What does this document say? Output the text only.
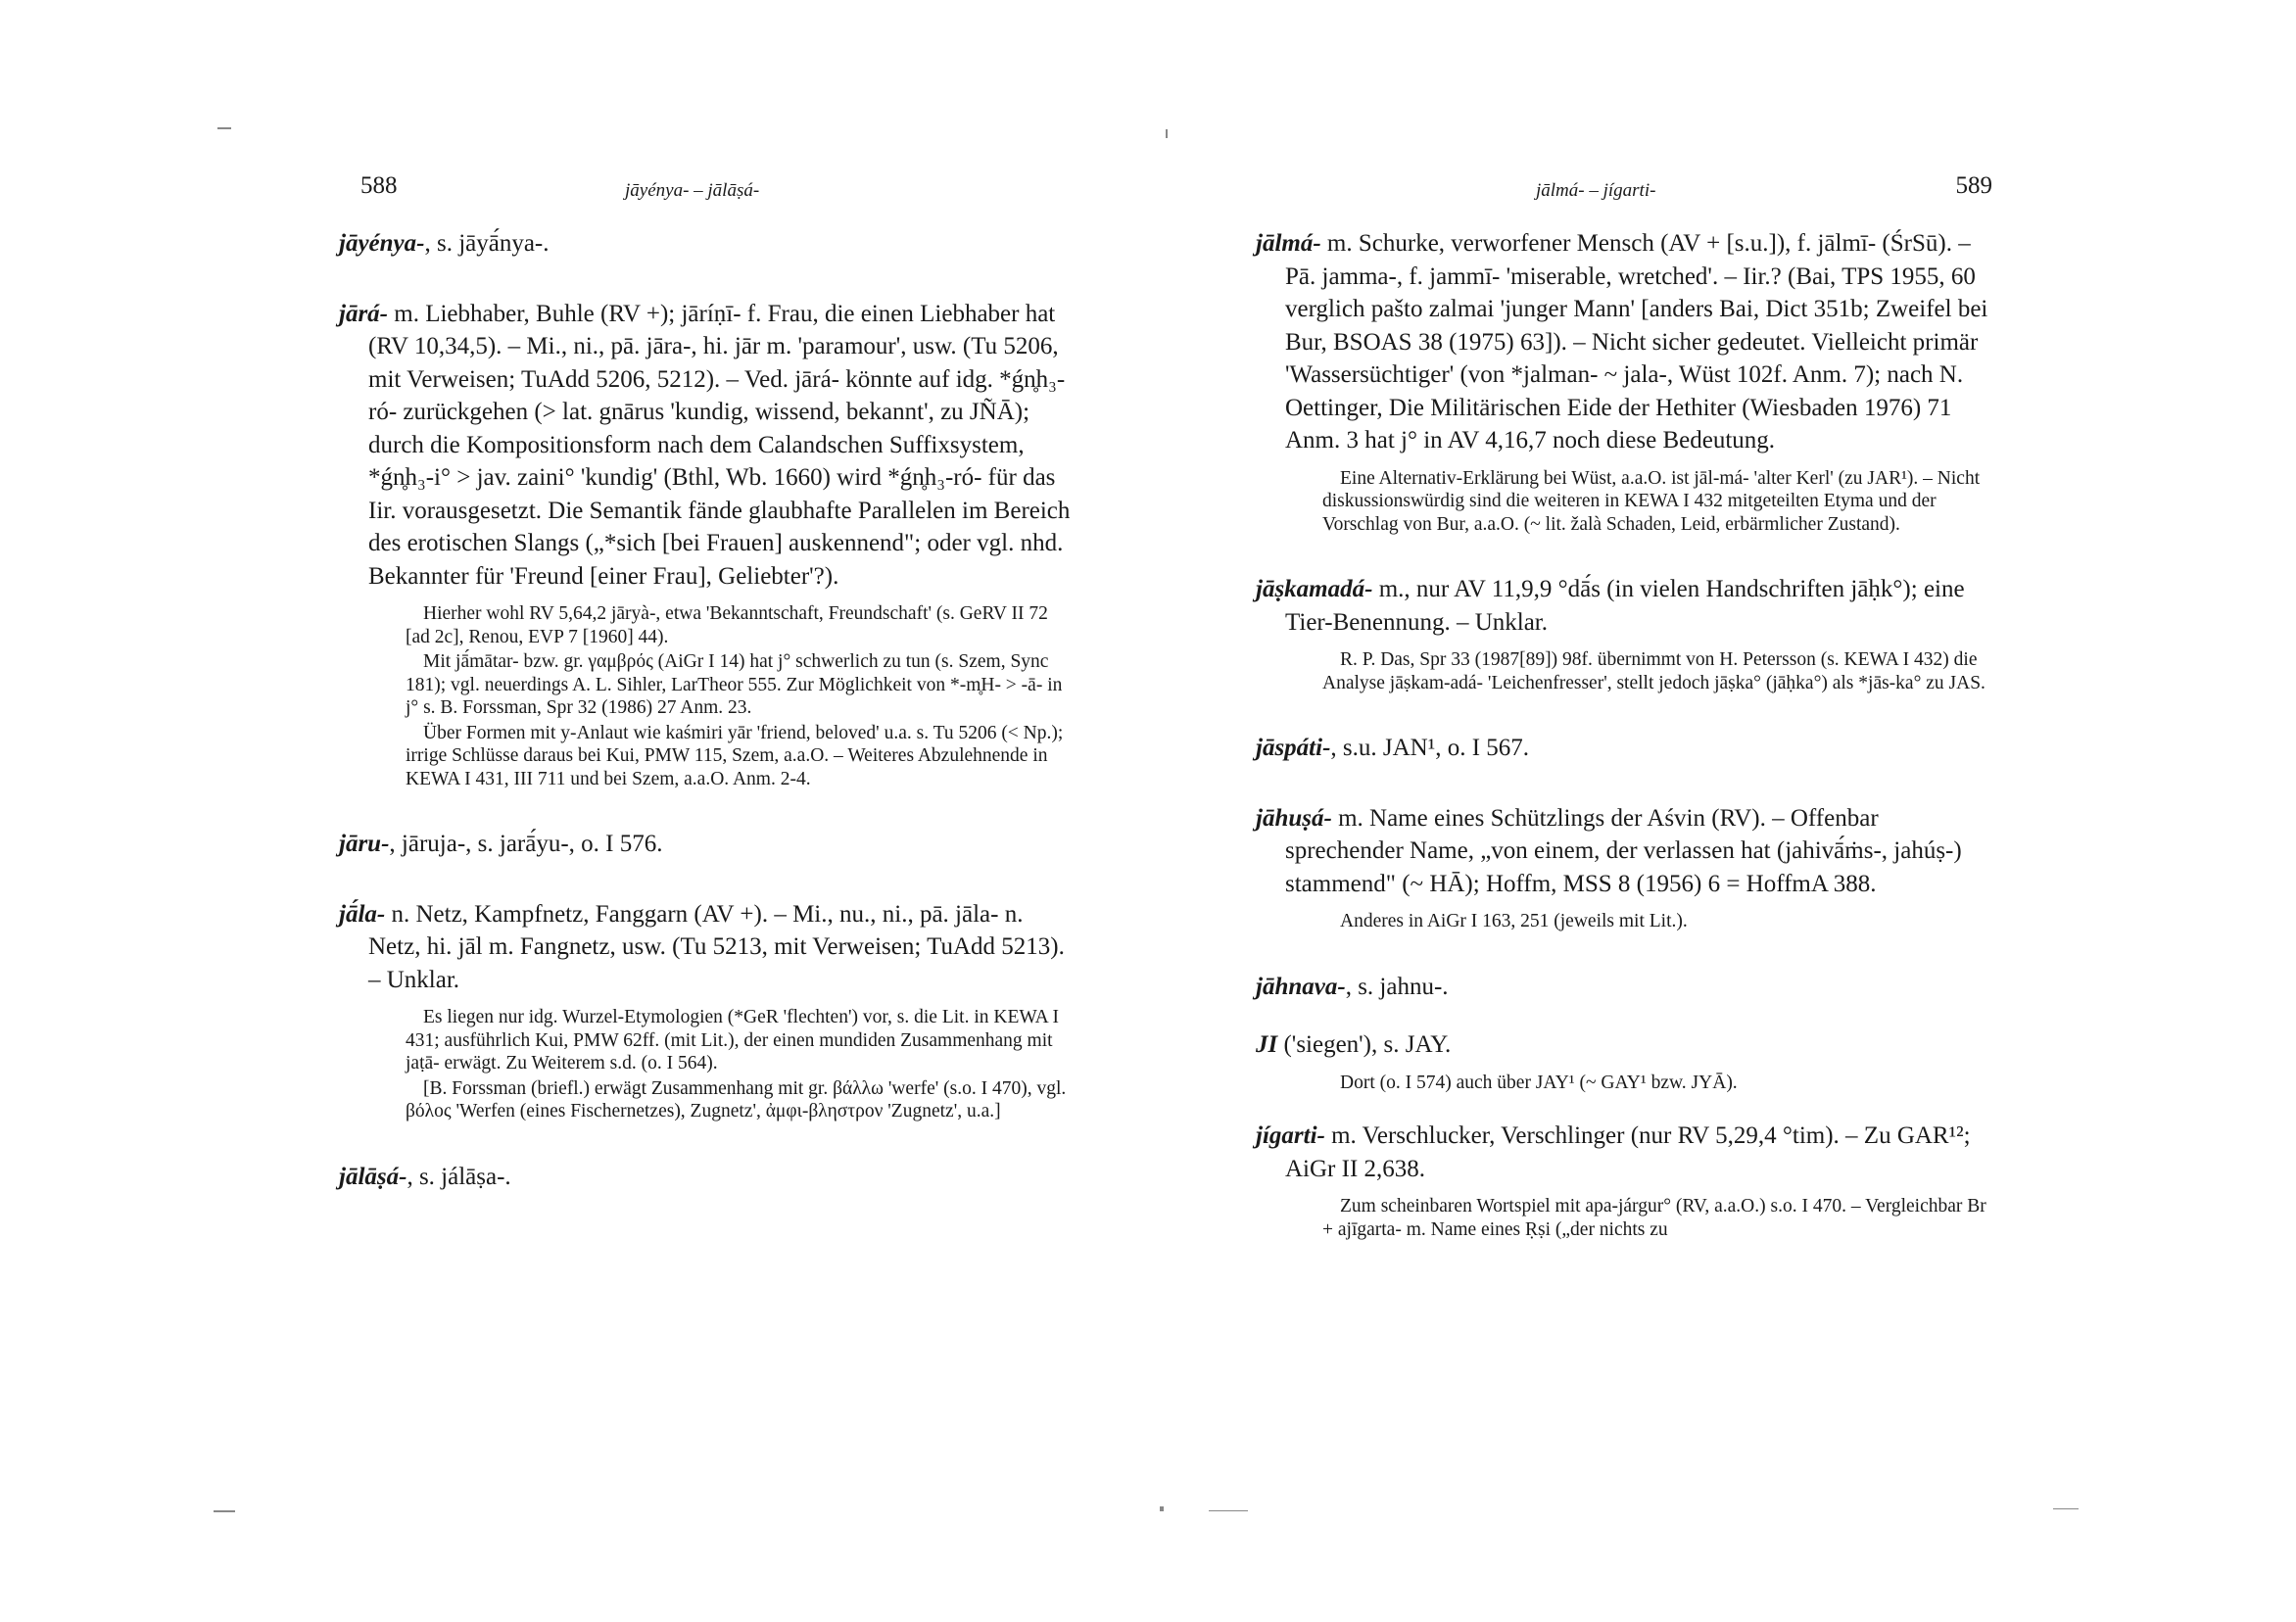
588	jāyénya- – jālāṣá-
jāyénya-, s. jāyā́nya-.
jārá- m. Liebhaber, Buhle (RV +); jāríṇī- f. Frau, die einen Liebhaber hat (RV 10,34,5). – Mi., ni., pā. jāra-, hi. jār m. 'paramour', usw. (Tu 5206, mit Verweisen; TuAdd 5206, 5212). – Ved. jārá- könnte auf idg. *ǵn̥h₃-ró- zurückgehen (> lat. gnārus 'kundig, wissend, bekannt', zu JÑĀ); durch die Kompositionsform nach dem Calandschen Suffixsystem, *ǵn̥h₃-i° > jav. zaini° 'kundig' (Bthl, Wb. 1660) wird *ǵn̥h₃-ró- für das Iir. vorausgesetzt. Die Semantik fände glaubhafte Parallelen im Bereich des erotischen Slangs („*sich [bei Frauen] auskennend"; oder vgl. nhd. Bekannter für 'Freund [einer Frau], Geliebter'?).
Hierher wohl RV 5,64,2 jāryà-, etwa 'Bekanntschaft, Freundschaft' (s. GeRV II 72 [ad 2c], Renou, EVP 7 [1960] 44).
Mit jā́mātar- bzw. gr. γαμβρός (AiGr I 14) hat j° schwerlich zu tun (s. Szem, Sync 181); vgl. neuerdings A. L. Sihler, LarTheor 555. Zur Möglichkeit von *-m̥H- > -ā- in j° s. B. Forssman, Spr 32 (1986) 27 Anm. 23.
Über Formen mit y-Anlaut wie kaśmiri yār 'friend, beloved' u.a. s. Tu 5206 (< Np.); irrige Schlüsse daraus bei Kui, PMW 115, Szem, a.a.O. – Weiteres Abzulehnende in KEWA I 431, III 711 und bei Szem, a.a.O. Anm. 2-4.
jāru-, jāruja-, s. jarā́yu-, o. I 576.
jā́la- n. Netz, Kampfnetz, Fanggarn (AV +). – Mi., nu., ni., pā. jāla- n. Netz, hi. jāl m. Fangnetz, usw. (Tu 5213, mit Verweisen; TuAdd 5213). – Unklar.
Es liegen nur idg. Wurzel-Etymologien (*GeR 'flechten') vor, s. die Lit. in KEWA I 431; ausführlich Kui, PMW 62ff. (mit Lit.), der einen mundiden Zusammenhang mit jaṭā- erwägt. Zu Weiterem s.d. (o. I 564).
[B. Forssman (briefl.) erwägt Zusammenhang mit gr. βάλλω 'werfe' (s.o. I 470), vgl. βόλος 'Werfen (eines Fischernetzes), Zugnetz', ἀμφι-βληστρον 'Zugnetz', u.a.]
jālāṣá-, s. jálāṣa-.
jālmá- – jígarti-	589
jālmá- m. Schurke, verworfener Mensch (AV + [s.u.]), f. jālmī- (ŚrSū). – Pā. jamma-, f. jammī- 'miserable, wretched'. – Iir.? (Bai, TPS 1955, 60 verglich pašto zalmai 'junger Mann' [anders Bai, Dict 351b; Zweifel bei Bur, BSOAS 38 (1975) 63]). – Nicht sicher gedeutet. Vielleicht primär 'Wassersüchtiger' (von *jalman- ~ jala-, Wüst 102f. Anm. 7); nach N. Oettinger, Die Militärischen Eide der Hethiter (Wiesbaden 1976) 71 Anm. 3 hat j° in AV 4,16,7 noch diese Bedeutung.
Eine Alternativ-Erklärung bei Wüst, a.a.O. ist jāl-má- 'alter Kerl' (zu JAR¹). – Nicht diskussionswürdig sind die weiteren in KEWA I 432 mitgeteilten Etyma und der Vorschlag von Bur, a.a.O. (~ lit. žalà Schaden, Leid, erbärmlicher Zustand).
jāṣkamadá- m., nur AV 11,9,9 °dā́s (in vielen Handschriften jāḥk°); eine Tier-Benennung. – Unklar.
R. P. Das, Spr 33 (1987[89]) 98f. übernimmt von H. Petersson (s. KEWA I 432) die Analyse jāṣkam-adá- 'Leichenfresser', stellt jedoch jāṣka° (jāḥka°) als *jās-ka° zu JAS.
jāspáti-, s.u. JAN¹, o. I 567.
jāhuṣá- m. Name eines Schützlings der Aśvin (RV). – Offenbar sprechender Name, „von einem, der verlassen hat (jahivā́ṁs-, jahúṣ-) stammend" (~ HĀ); Hoffm, MSS 8 (1956) 6 = HoffmA 388.
Anderes in AiGr I 163, 251 (jeweils mit Lit.).
jāhnava-, s. jahnu-.
JI ('siegen'), s. JAY.
Dort (o. I 574) auch über JAY¹ (~ GAY¹ bzw. JYĀ).
jígarti- m. Verschlucker, Verschlinger (nur RV 5,29,4 °tim). – Zu GAR¹²; AiGr II 2,638.
Zum scheinbaren Wortspiel mit apa-járgur° (RV, a.a.O.) s.o. I 470. – Vergleichbar Br + ajīgarta- m. Name eines Ṛṣi („der nichts zu
